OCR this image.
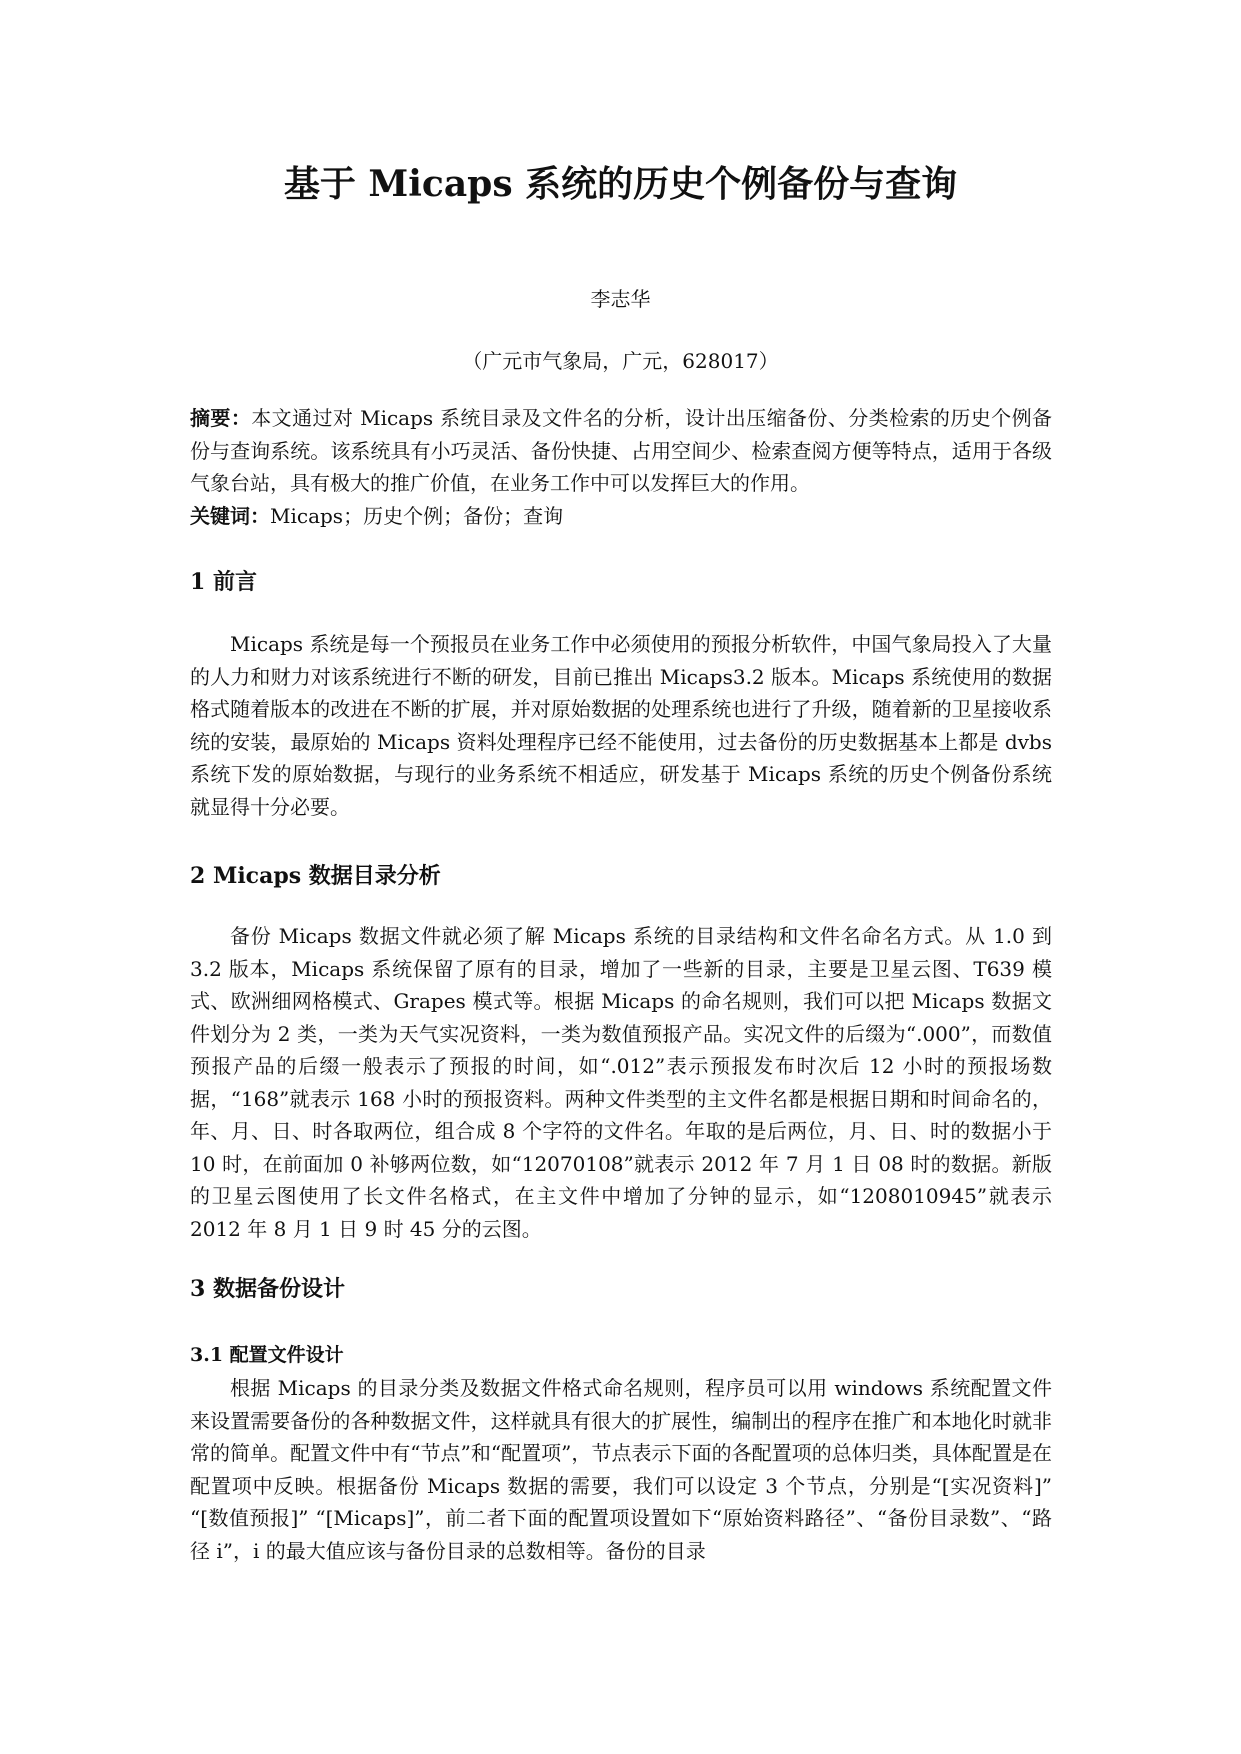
基于 Micaps 系统的历史个例备份与查询
李志华
（广元市气象局，广元，628017）

摘要：本文通过对 Micaps 系统目录及文件名的分析，设计出压缩备份、分类检索的历史个例备份与查询系统。该系统具有小巧灵活、备份快捷、占用空间少、检索查阅方便等特点，适用于各级气象台站，具有极大的推广价值，在业务工作中可以发挥巨大的作用。

关键词：Micaps；历史个例；备份；查询

1 前言

Micaps 系统是每一个预报员在业务工作中必须使用的预报分析软件，中国气象局投入了大量的人力和财力对该系统进行不断的研发，目前已推出 Micaps3.2 版本。Micaps 系统使用的数据格式随着版本的改进在不断的扩展，并对原始数据的处理系统也进行了升级，随着新的卫星接收系统的安装，最原始的 Micaps 资料处理程序已经不能使用，过去备份的历史数据基本上都是 dvbs 系统下发的原始数据，与现行的业务系统不相适应，研发基于 Micaps 系统的历史个例备份系统就显得十分必要。

2 Micaps 数据目录分析

备份 Micaps 数据文件就必须了解 Micaps 系统的目录结构和文件名命名方式。从 1.0 到 3.2 版本，Micaps 系统保留了原有的目录，增加了一些新的目录，主要是卫星云图、T639 模式、欧洲细网格模式、Grapes 模式等。根据 Micaps 的命名规则，我们可以把 Micaps 数据文件划分为 2 类，一类为天气实况资料，一类为数值预报产品。实况文件的后缀为“.000”，而数值预报产品的后缀一般表示了预报的时间，如“.012”表示预报发布时次后 12 小时的预报场数据，“168”就表示 168 小时的预报资料。两种文件类型的主文件名都是根据日期和时间命名的，年、月、日、时各取两位，组合成 8 个字符的文件名。年取的是后两位，月、日、时的数据小于 10 时，在前面加 0 补够两位数，如“12070108”就表示 2012 年 7 月 1 日 08 时的数据。新版的卫星云图使用了长文件名格式，在主文件中增加了分钟的显示，如“1208010945”就表示 2012 年 8 月 1 日 9 时 45 分的云图。

3 数据备份设计
3.1 配置文件设计

根据 Micaps 的目录分类及数据文件格式命名规则，程序员可以用 windows 系统配置文件来设置需要备份的各种数据文件，这样就具有很大的扩展性，编制出的程序在推广和本地化时就非常的简单。配置文件中有“节点”和“配置项”，节点表示下面的各配置项的总体归类，具体配置是在配置项中反映。根据备份 Micaps 数据的需要，我们可以设定 3 个节点，分别是“[实况资料]” “[数值预报]” “[Micaps]”，前二者下面的配置项设置如下“原始资料路径”、“备份目录数”、“路径 i”，i 的最大值应该与备份目录的总数相等。备份的目录
